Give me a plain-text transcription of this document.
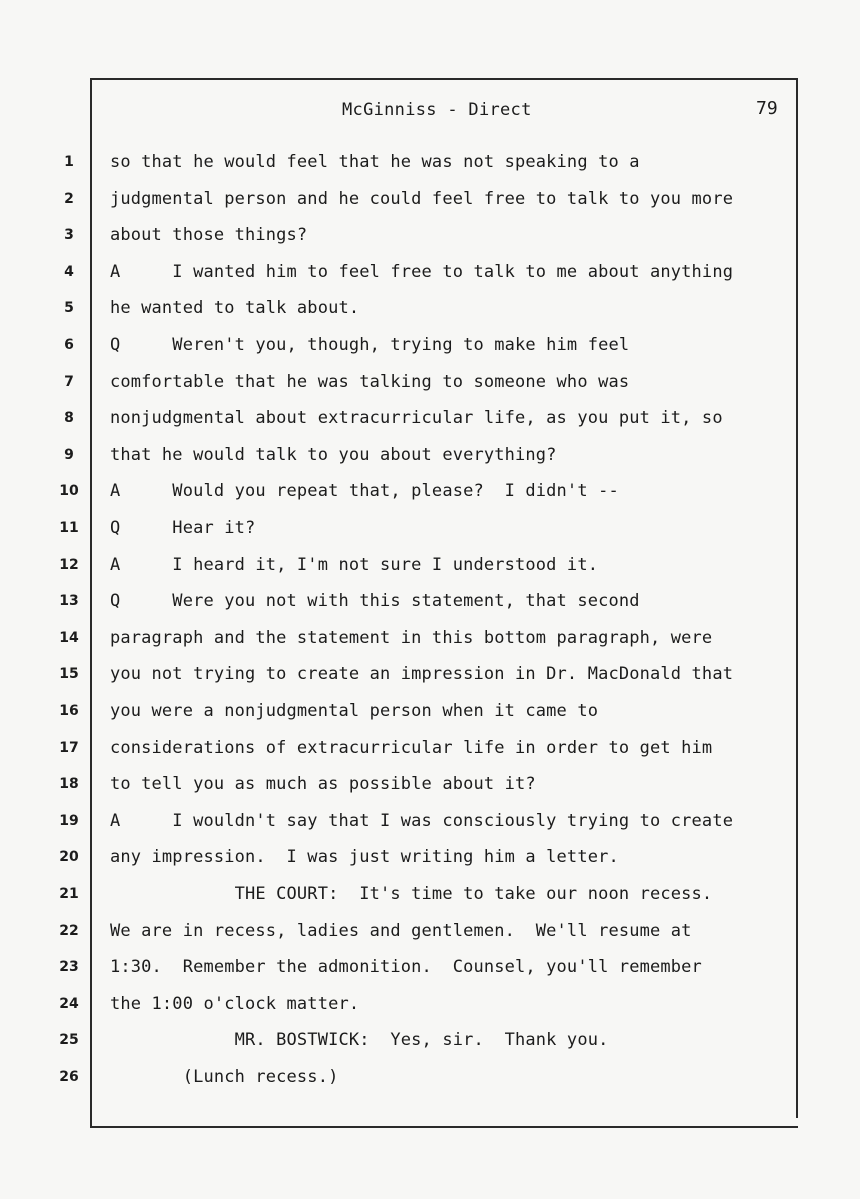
McGinniss - Direct	79
1	so that he would feel that he was not speaking to a
2	judgmental person and he could feel free to talk to you more
3	about those things?
4	A     I wanted him to feel free to talk to me about anything
5	he wanted to talk about.
6	Q     Weren't you, though, trying to make him feel
7	comfortable that he was talking to someone who was
8	nonjudgmental about extracurricular life, as you put it, so
9	that he would talk to you about everything?
10	A     Would you repeat that, please?  I didn't --
11	Q     Hear it?
12	A     I heard it, I'm not sure I understood it.
13	Q     Were you not with this statement, that second
14	paragraph and the statement in this bottom paragraph, were
15	you not trying to create an impression in Dr. MacDonald that
16	you were a nonjudgmental person when it came to
17	considerations of extracurricular life in order to get him
18	to tell you as much as possible about it?
19	A     I wouldn't say that I was consciously trying to create
20	any impression.  I was just writing him a letter.
21	THE COURT:  It's time to take our noon recess.
22	We are in recess, ladies and gentlemen.  We'll resume at
23	1:30.  Remember the admonition.  Counsel, you'll remember
24	the 1:00 o'clock matter.
25	MR. BOSTWICK:  Yes, sir.  Thank you.
26	(Lunch recess.)
